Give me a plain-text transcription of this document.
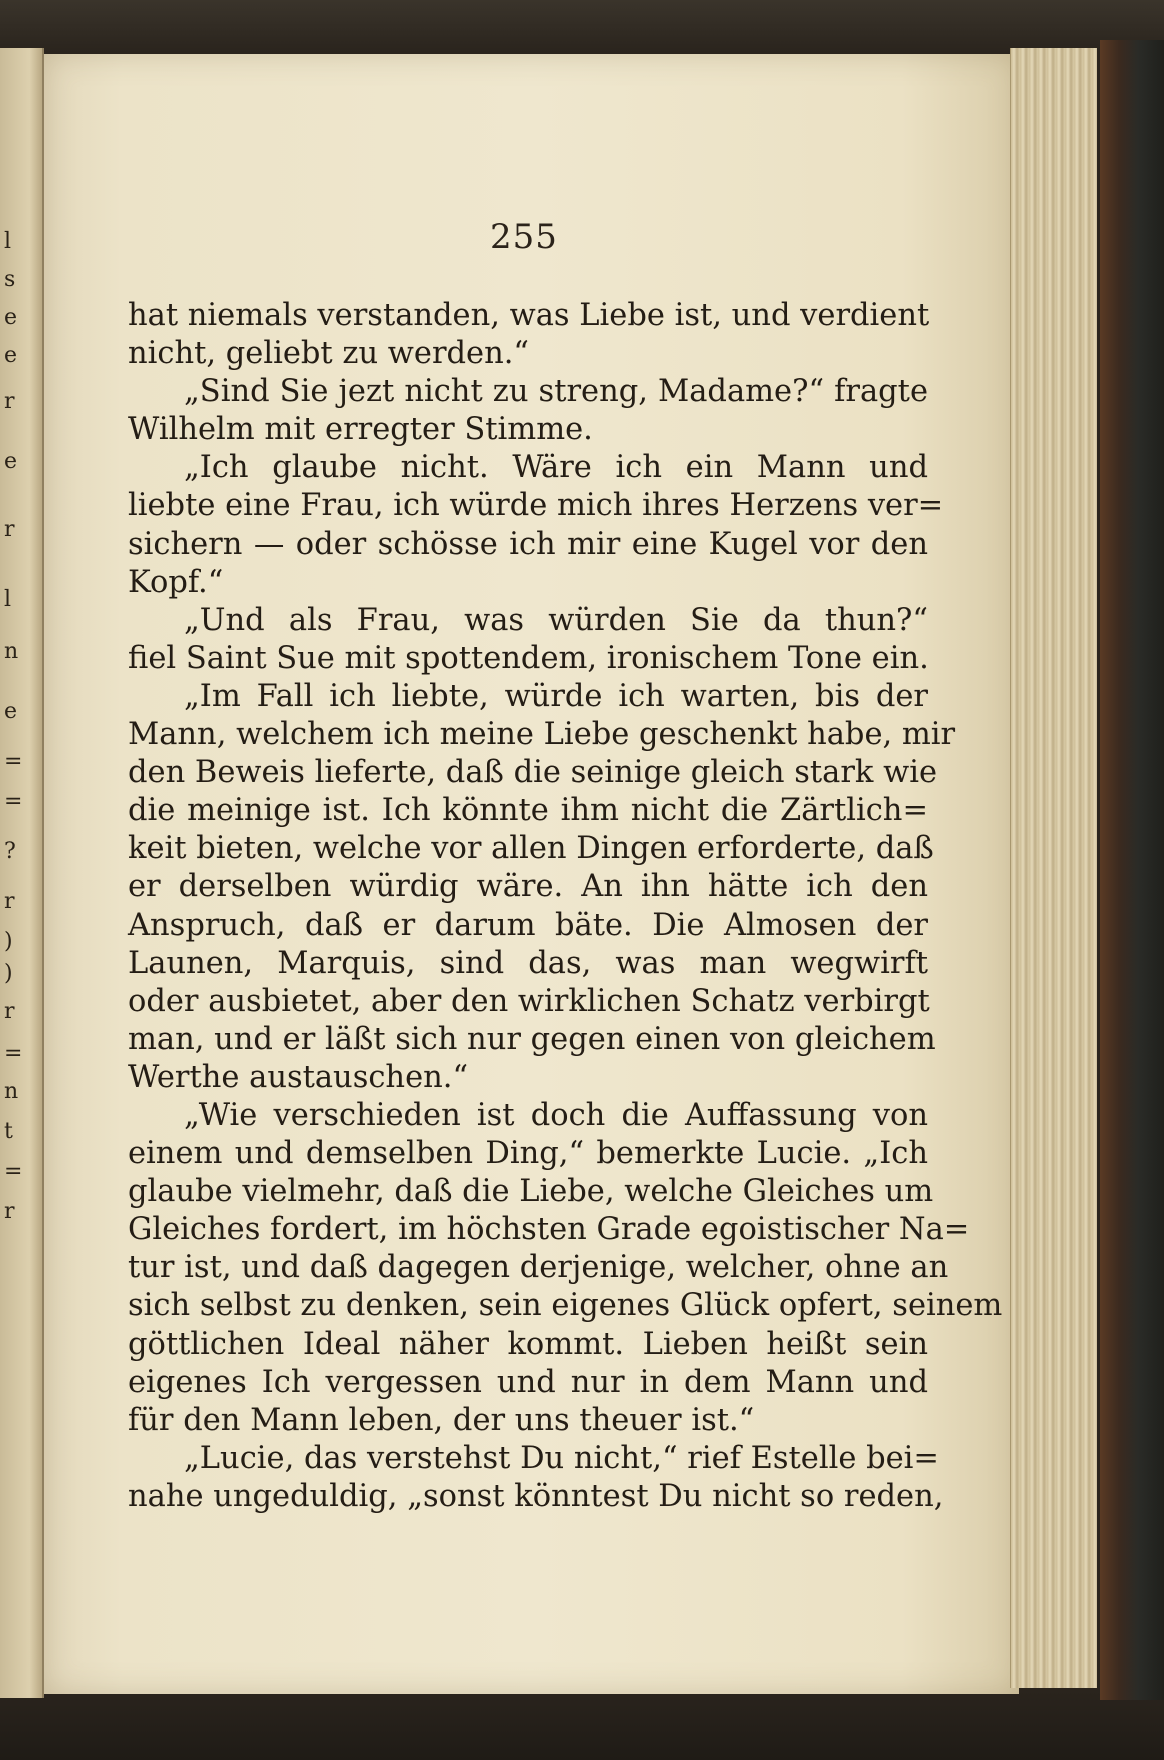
l
s
e
e
r
e
r
l
n
e
=
=
?
r
)
)
r
=
n
t
=
r
255
hat niemals verstanden, was Liebe ist, und verdient
nicht, geliebt zu werden.“
„Sind Sie jezt nicht zu streng, Madame?“ fragte
Wilhelm mit erregter Stimme.
„Ich glaube nicht. Wäre ich ein Mann und
liebte eine Frau, ich würde mich ihres Herzens ver=
sichern — oder schösse ich mir eine Kugel vor den
Kopf.“
„Und als Frau, was würden Sie da thun?“
fiel Saint Sue mit spottendem, ironischem Tone ein.
„Im Fall ich liebte, würde ich warten, bis der
Mann, welchem ich meine Liebe geschenkt habe, mir
den Beweis lieferte, daß die seinige gleich stark wie
die meinige ist. Ich könnte ihm nicht die Zärtlich=
keit bieten, welche vor allen Dingen erforderte, daß
er derselben würdig wäre. An ihn hätte ich den
Anspruch, daß er darum bäte. Die Almosen der
Launen, Marquis, sind das, was man wegwirft
oder ausbietet, aber den wirklichen Schatz verbirgt
man, und er läßt sich nur gegen einen von gleichem
Werthe austauschen.“
„Wie verschieden ist doch die Auffassung von
einem und demselben Ding,“ bemerkte Lucie. „Ich
glaube vielmehr, daß die Liebe, welche Gleiches um
Gleiches fordert, im höchsten Grade egoistischer Na=
tur ist, und daß dagegen derjenige, welcher, ohne an
sich selbst zu denken, sein eigenes Glück opfert, seinem
göttlichen Ideal näher kommt. Lieben heißt sein
eigenes Ich vergessen und nur in dem Mann und
für den Mann leben, der uns theuer ist.“
„Lucie, das verstehst Du nicht,“ rief Estelle bei=
nahe ungeduldig, „sonst könntest Du nicht so reden,
